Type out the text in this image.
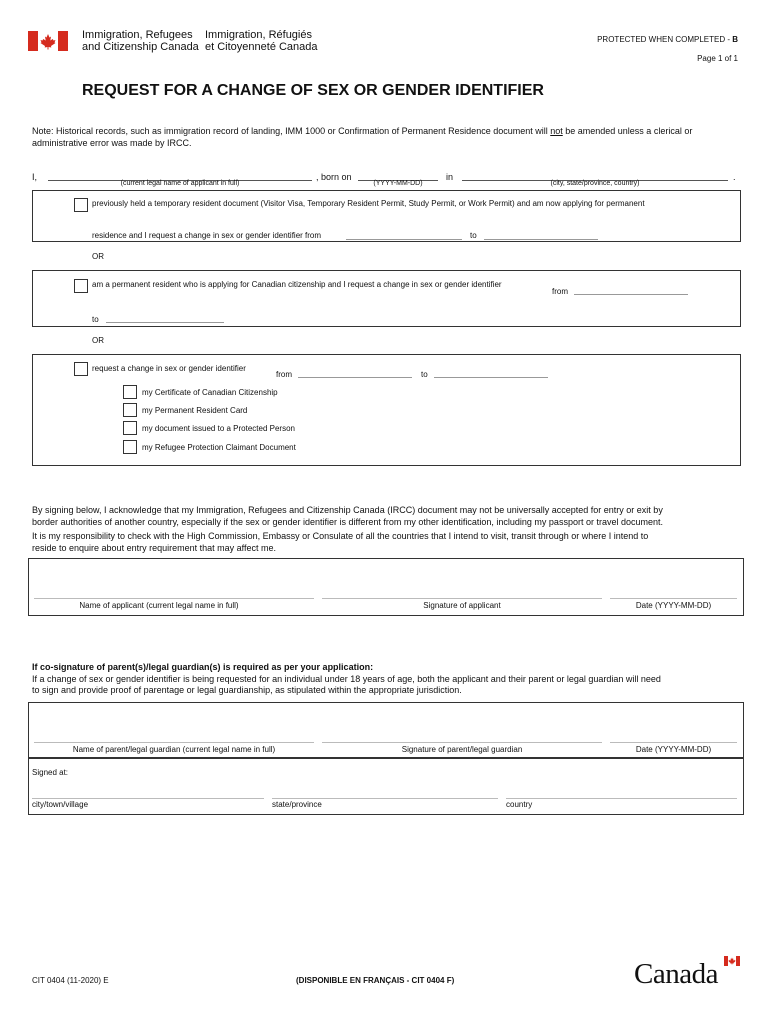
Immigration, Refugees
and Citizenship Canada
Immigration, Réfugiés
et Citoyenneté Canada
PROTECTED WHEN COMPLETED - B
Page 1 of 1
REQUEST FOR A CHANGE OF SEX OR GENDER IDENTIFIER
Note: Historical records, such as immigration record of landing, IMM 1000 or Confirmation of Permanent Residence document will not be amended unless a clerical or administrative error was made by IRCC.
I,
(current legal name of applicant in full)
, born on
(YYYY-MM-DD)
in
(city, state/province, country)
.
previously held a temporary resident document (Visitor Visa, Temporary Resident Permit, Study Permit, or Work Permit) and am now applying for permanent
residence and I request a change in sex or gender identifier from	to
OR
am a permanent resident who is applying for Canadian citizenship and I request a change in sex or gender identifier
from
to
OR
request a change in sex or gender identifier
from	to
my Certificate of Canadian Citizenship
my Permanent Resident Card
my document issued to a Protected Person
my Refugee Protection Claimant Document
By signing below, I acknowledge that my Immigration, Refugees and Citizenship Canada (IRCC) document may not be universally accepted for entry or exit by
border authorities of another country, especially if the sex or gender identifier is different from my other identification, including my passport or travel document.
It is my responsibility to check with the High Commission, Embassy or Consulate of all the countries that I intend to visit, transit through or where I intend to
reside to enquire about entry requirement that may affect me.
Name of applicant (current legal name in full)	Signature of applicant	Date (YYYY-MM-DD)
If co-signature of parent(s)/legal guardian(s) is required as per your application:
If a change of sex or gender identifier is being requested for an individual under 18 years of age, both the applicant and their parent or legal guardian will need
to sign and provide proof of parentage or legal guardianship, as stipulated within the appropriate jurisdiction.
Name of parent/legal guardian (current legal name in full)	Signature of parent/legal guardian	Date (YYYY-MM-DD)
Signed at:
city/town/village	state/province	country
CIT 0404 (11-2020) E	(DISPONIBLE EN FRANÇAIS - CIT 0404 F)	Canada
